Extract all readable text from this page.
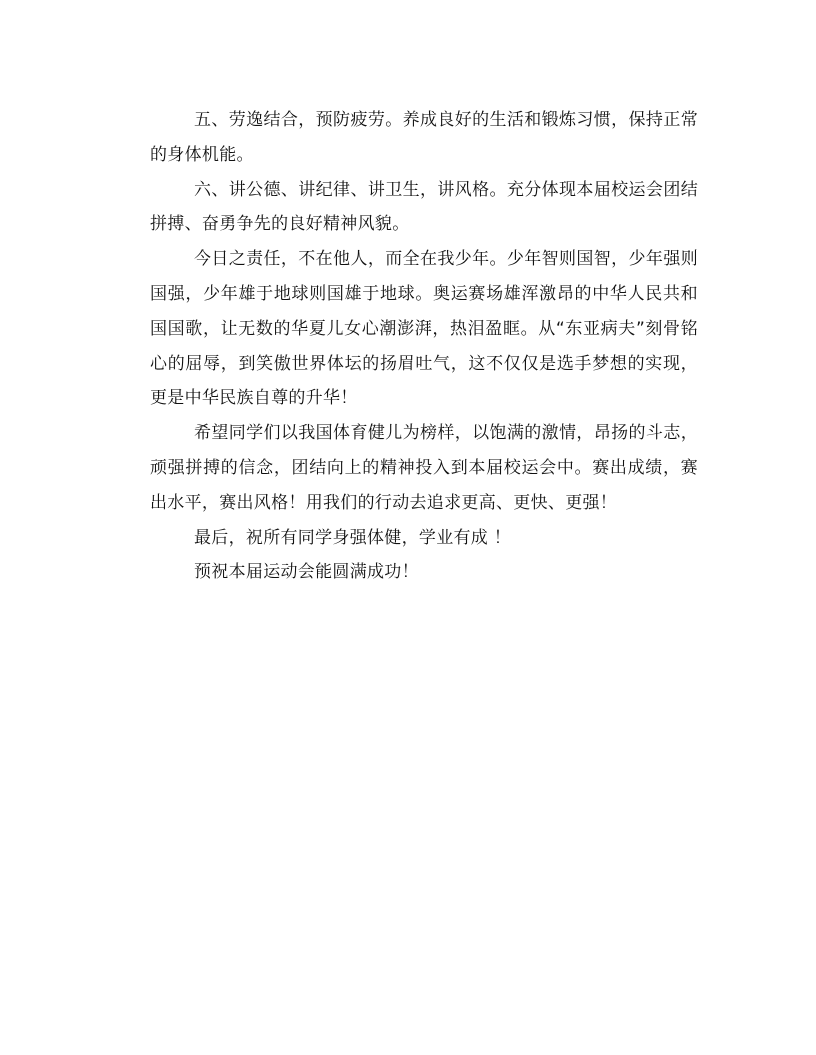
五、劳逸结合，预防疲劳。养成良好的生活和锻炼习惯，保持正常的身体机能。

六、讲公德、讲纪律、讲卫生，讲风格。充分体现本届校运会团结拼搏、奋勇争先的良好精神风貌。

今日之责任，不在他人，而全在我少年。少年智则国智，少年强则国强，少年雄于地球则国雄于地球。奥运赛场雄浑激昂的中华人民共和国国歌，让无数的华夏儿女心潮澎湃，热泪盈眶。从“东亚病夫”刻骨铭心的屈辱，到笑傲世界体坛的扬眉吐气，这不仅仅是选手梦想的实现，更是中华民族自尊的升华！

希望同学们以我国体育健儿为榜样，以饱满的激情，昂扬的斗志，顽强拼搏的信念，团结向上的精神投入到本届校运会中。赛出成绩，赛出水平，赛出风格！用我们的行动去追求更高、更快、更强！

最后，祝所有同学身强体健，学业有成 ！

预祝本届运动会能圆满成功！
